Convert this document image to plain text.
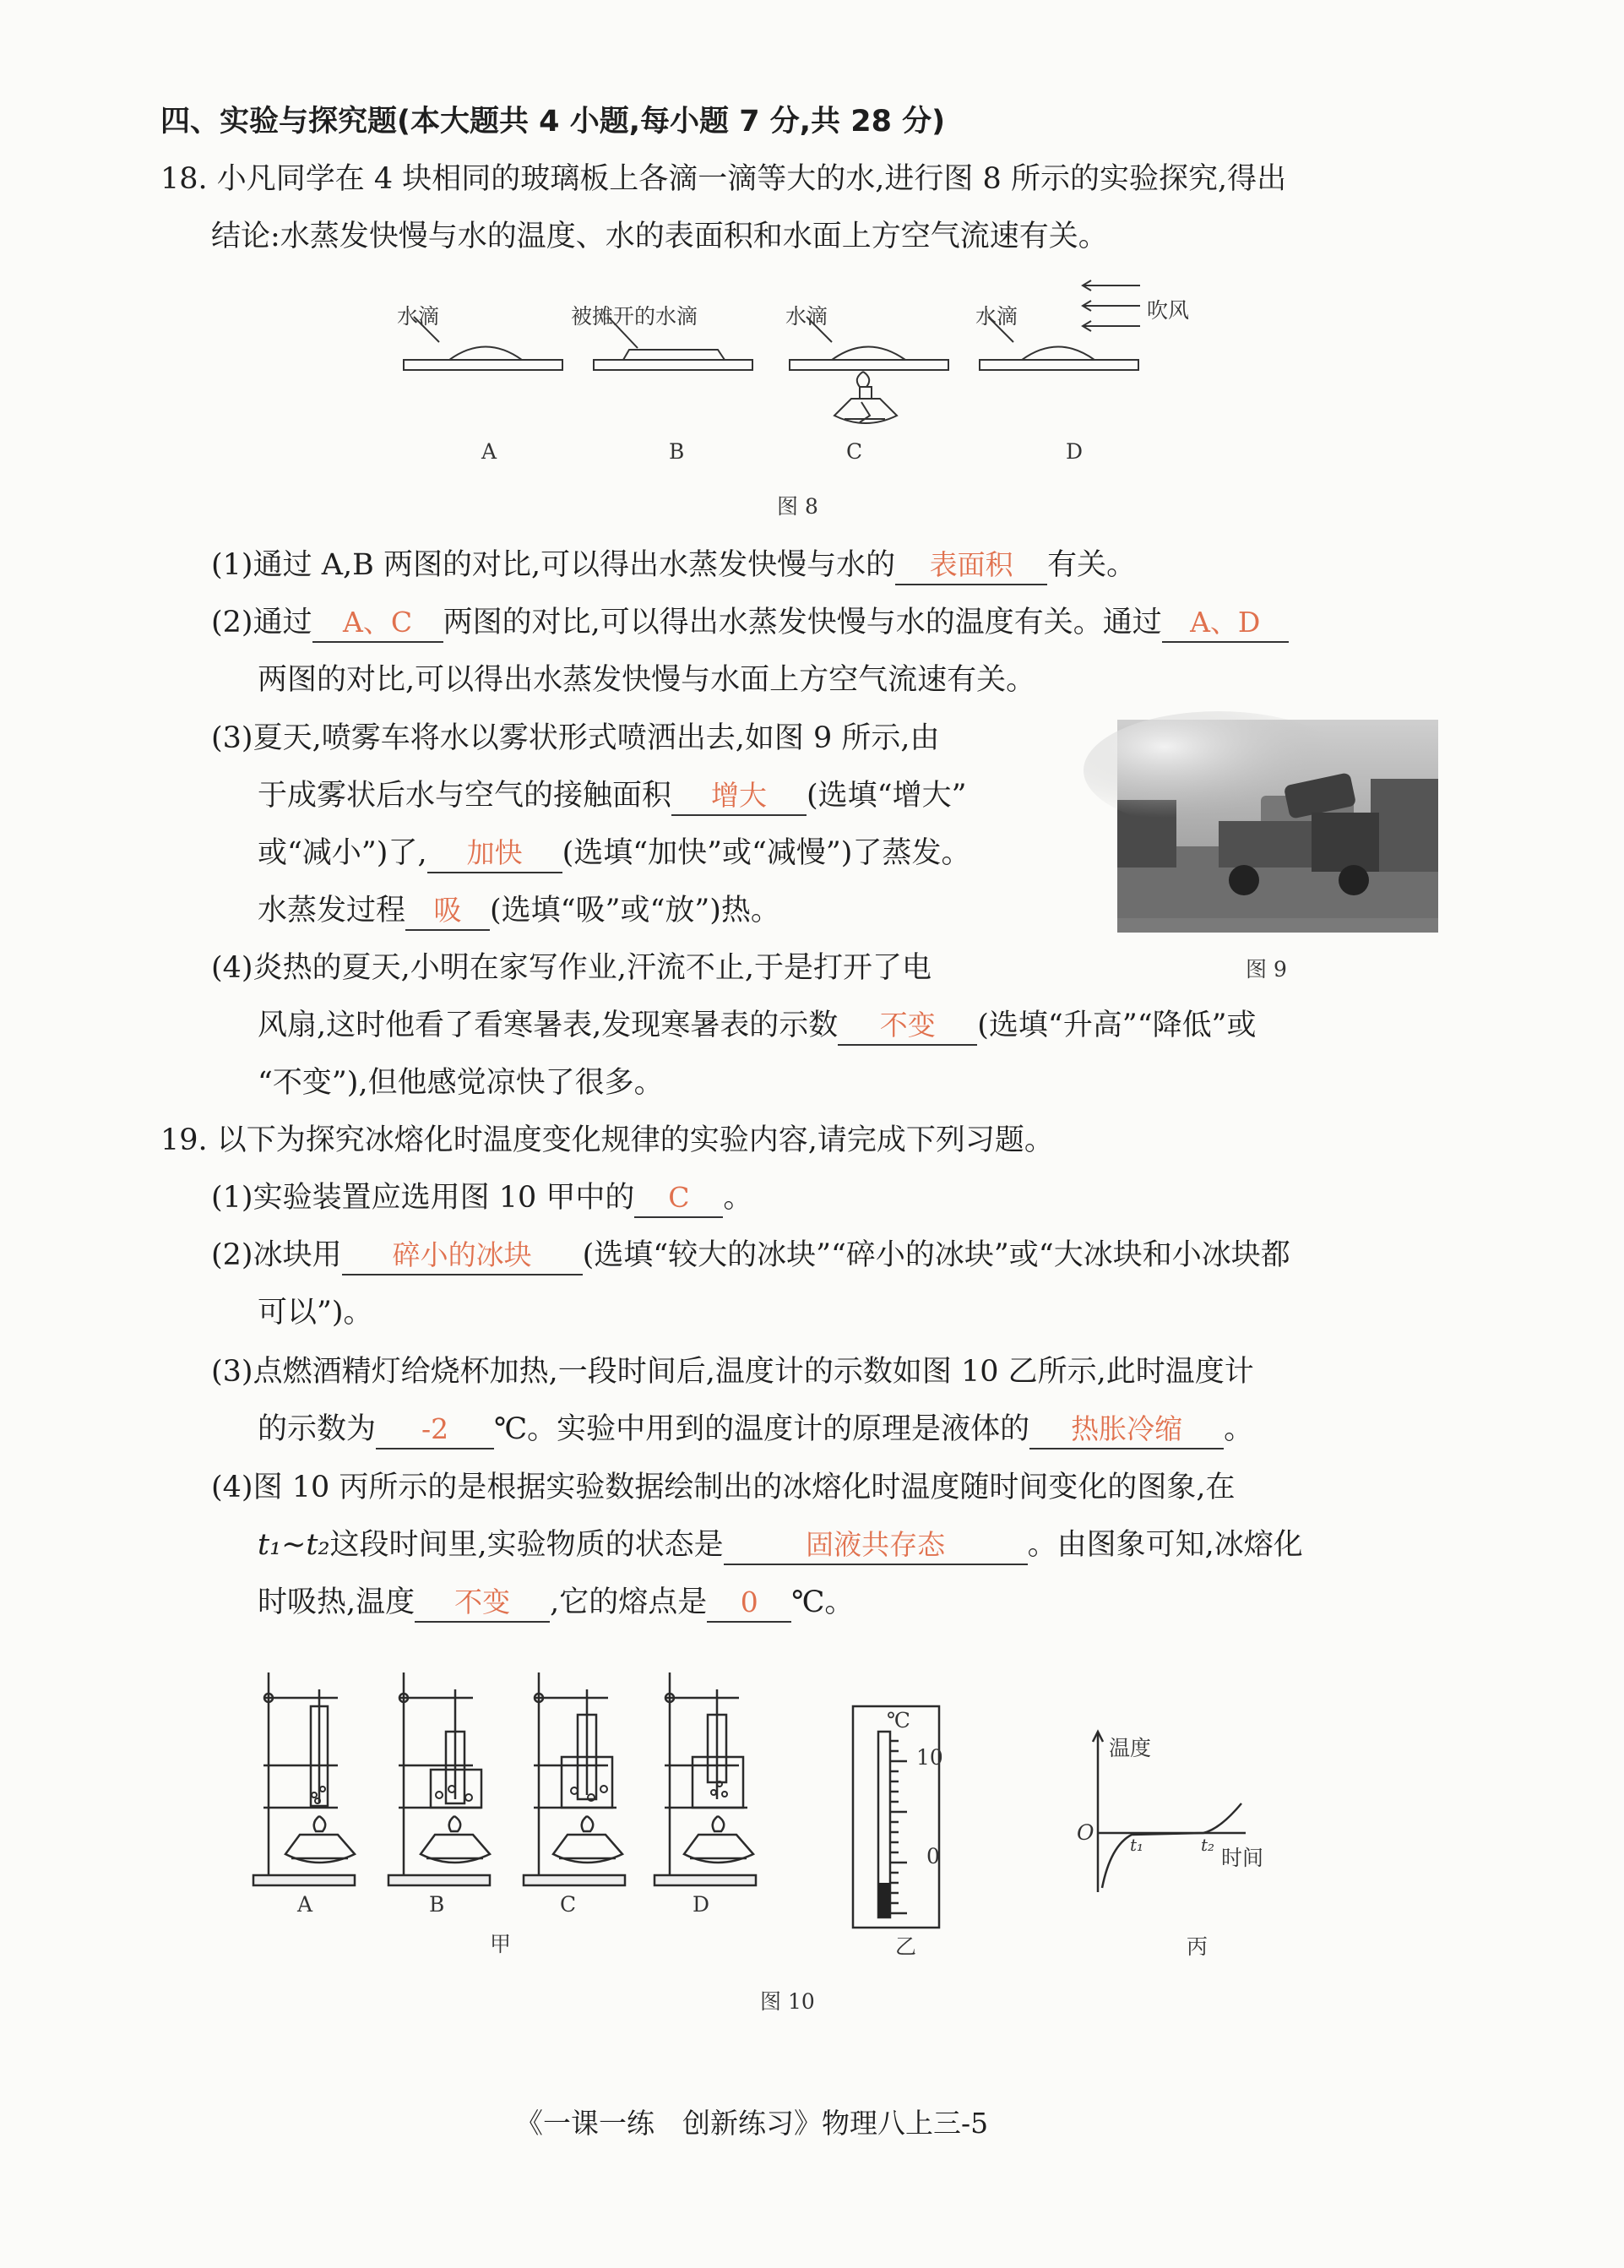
四、实验与探究题(本大题共 4 小题,每小题 7 分,共 28 分)
18. 小凡同学在 4 块相同的玻璃板上各滴一滴等大的水,进行图 8 所示的实验探究,得出
结论:水蒸发快慢与水的温度、水的表面积和水面上方空气流速有关。
水滴	被摊开的水滴	水滴	水滴	吹风
A	B	C	D
图 8
(1)通过 A,B 两图的对比,可以得出水蒸发快慢与水的 表面积 有关。
(2)通过 A、C 两图的对比,可以得出水蒸发快慢与水的温度有关。通过 A、D
两图的对比,可以得出水蒸发快慢与水面上方空气流速有关。
(3)夏天,喷雾车将水以雾状形式喷洒出去,如图 9 所示,由
于成雾状后水与空气的接触面积 增大 (选填“增大”
或“减小”)了, 加快 (选填“加快”或“减慢”)了蒸发。
水蒸发过程 吸 (选填“吸”或“放”)热。
图 9
(4)炎热的夏天,小明在家写作业,汗流不止,于是打开了电
风扇,这时他看了看寒暑表,发现寒暑表的示数 不变 (选填“升高”“降低”或
“不变”),但他感觉凉快了很多。
19. 以下为探究冰熔化时温度变化规律的实验内容,请完成下列习题。
(1)实验装置应选用图 10 甲中的 C 。
(2)冰块用 碎小的冰块 (选填“较大的冰块”“碎小的冰块”或“大冰块和小冰块都
可以”)。
(3)点燃酒精灯给烧杯加热,一段时间后,温度计的示数如图 10 乙所示,此时温度计
的示数为 -2 ℃。实验中用到的温度计的原理是液体的 热胀冷缩 。
(4)图 10 丙所示的是根据实验数据绘制出的冰熔化时温度随时间变化的图象,在
t₁~t₂这段时间里,实验物质的状态是	固液共存态	。由图象可知,冰熔化
时吸热,温度 不变 ,它的熔点是 0 ℃。
A	B	C	D
甲
℃
10
0
乙
温度
O t₁	t₂
时间
丙
图 10
《一课一练　创新练习》物理八上三-5
